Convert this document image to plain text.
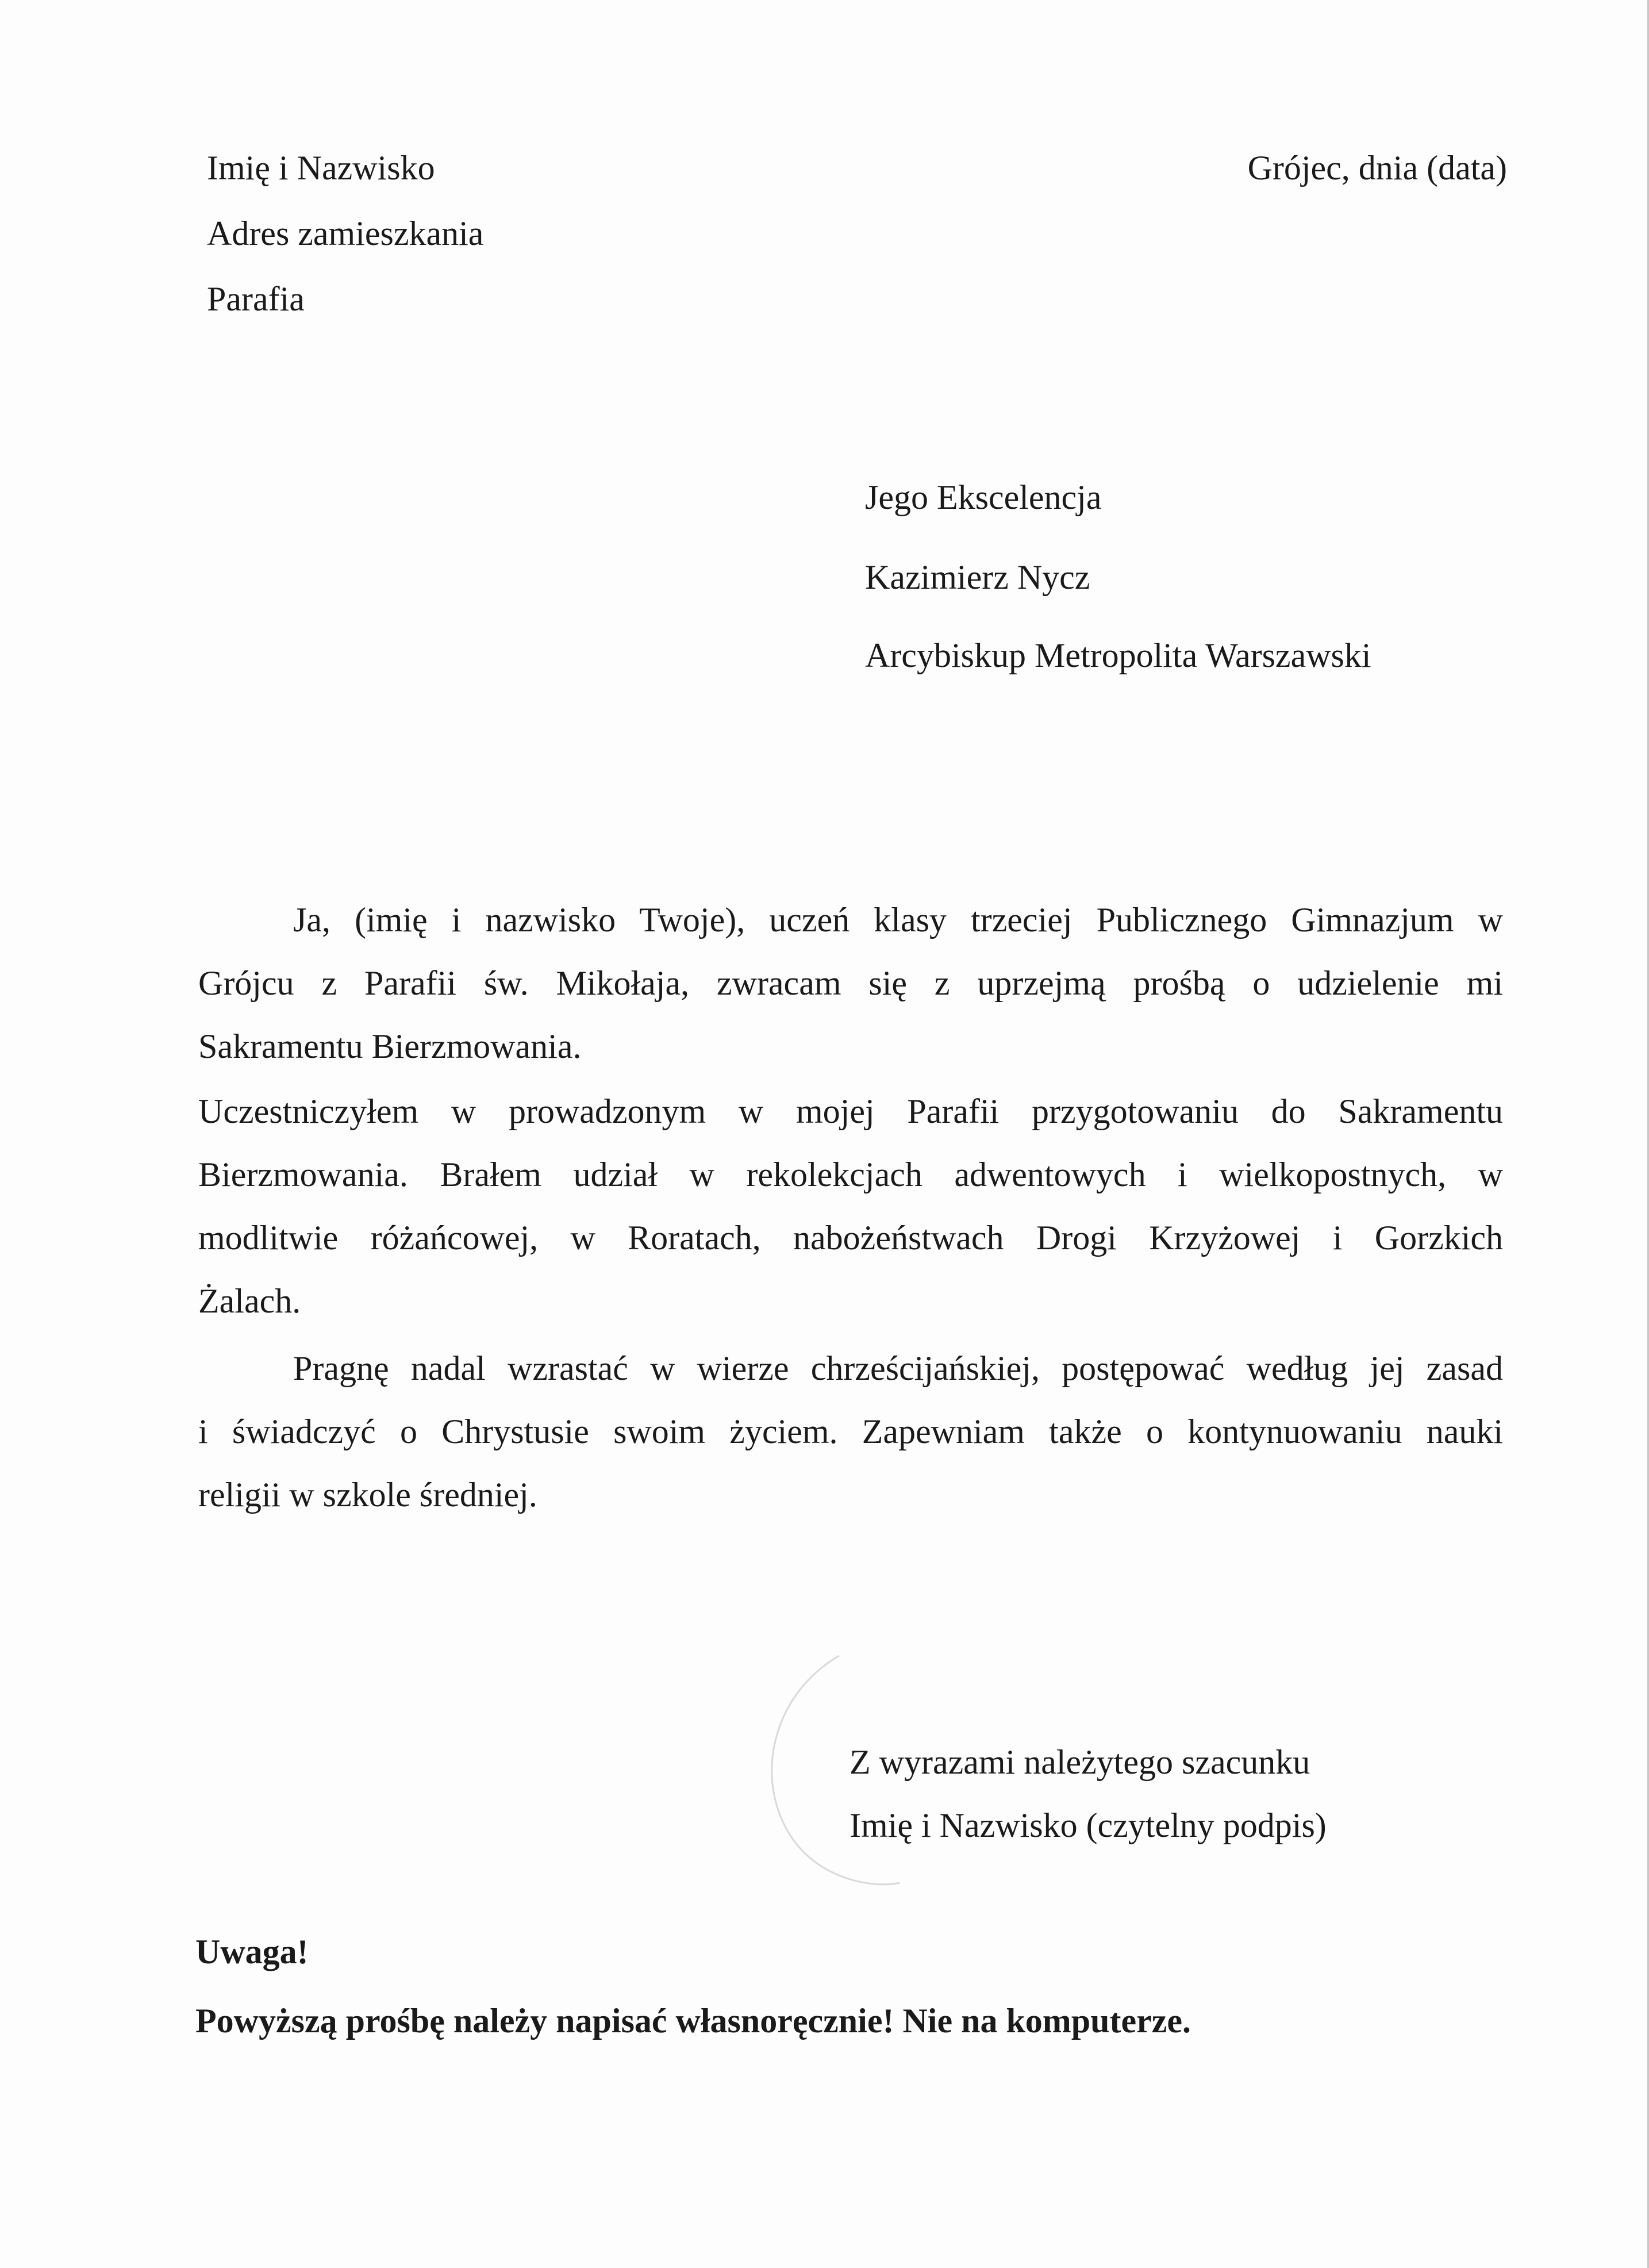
Imię i Nazwisko
Adres zamieszkania
Parafia
Grójec, dnia (data)
Jego Ekscelencja
Kazimierz Nycz
Arcybiskup Metropolita Warszawski
Ja, (imię i nazwisko Twoje), uczeń klasy trzeciej Publicznego Gimnazjum w
Grójcu z Parafii św. Mikołaja, zwracam się z uprzejmą prośbą o udzielenie mi
Sakramentu Bierzmowania.
Uczestniczyłem w prowadzonym w mojej Parafii przygotowaniu do Sakramentu
Bierzmowania. Brałem udział w rekolekcjach adwentowych i wielkopostnych, w
modlitwie różańcowej, w Roratach, nabożeństwach Drogi Krzyżowej i Gorzkich
Żalach.
Pragnę nadal wzrastać w wierze chrześcijańskiej, postępować według jej zasad
i świadczyć o Chrystusie swoim życiem. Zapewniam także o kontynuowaniu nauki
religii w szkole średniej.
Z wyrazami należytego szacunku
Imię i Nazwisko (czytelny podpis)
Uwaga!
Powyższą prośbę należy napisać własnoręcznie! Nie na komputerze.
